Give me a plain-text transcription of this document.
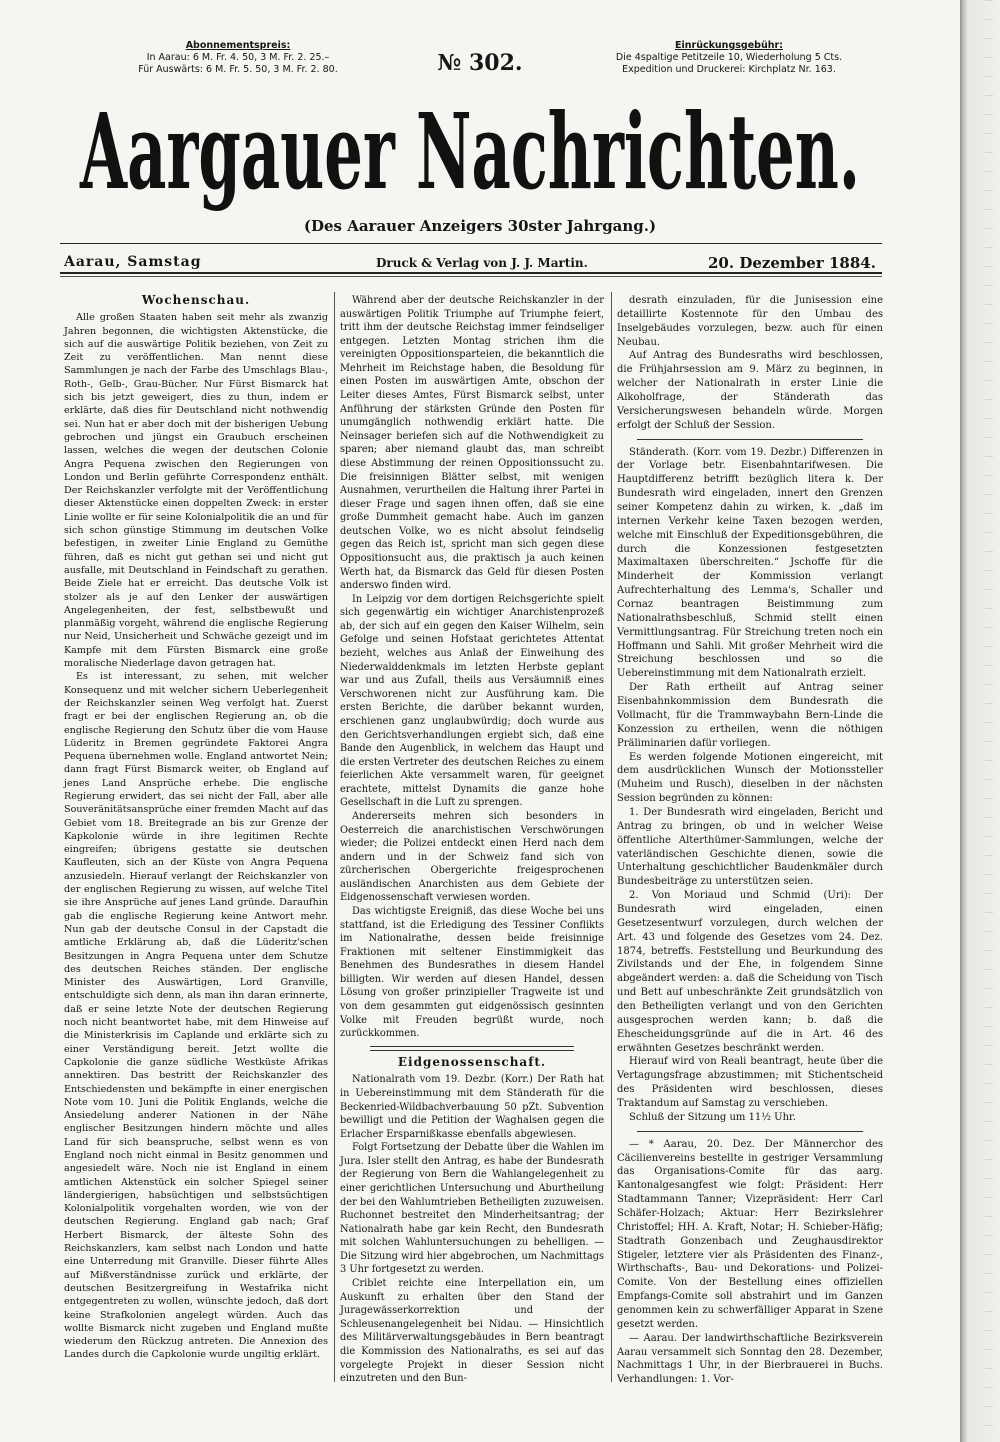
Abonnementspreis:
In Aarau: 6 M. Fr. 4. 50, 3 M. Fr. 2. 25.–
Für Auswärts: 6 M. Fr. 5. 50, 3 M. Fr. 2. 80.	№ 302.
Einrückungsgebühr:
Die 4spaltige Petitzeile 10, Wiederholung 5 Cts.
Expedition und Druckerei: Kirchplatz Nr. 163.
Aargauer Nachrichten.
(Des Aarauer Anzeigers 30ster Jahrgang.)
Aarau, Samstag	Druck & Verlag von J. J. Martin.	20. Dezember 1884.

Wochenschau.

Alle großen Staaten haben seit mehr als zwanzig Jahren begonnen, die wichtigsten Aktenstücke, die sich auf die auswärtige Politik beziehen, von Zeit zu Zeit zu veröffentlichen. Man nennt diese Sammlungen je nach der Farbe des Umschlags Blau-, Roth-, Gelb-, Grau-Bücher. Nur Fürst Bismarck hat sich bis jetzt geweigert, dies zu thun, indem er erklärte, daß dies für Deutschland nicht nothwendig sei. Nun hat er aber doch mit der bisherigen Uebung gebrochen und jüngst ein Graubuch erscheinen lassen, welches die wegen der deutschen Colonie Angra Pequena zwischen den Regierungen von London und Berlin geführte Correspondenz enthält. Der Reichskanzler verfolgte mit der Veröffentlichung dieser Aktenstücke einen doppelten Zweck: in erster Linie wollte er für seine Kolonialpolitik die an und für sich schon günstige Stimmung im deutschen Volke befestigen, in zweiter Linie England zu Gemüthe führen, daß es nicht gut gethan sei und nicht gut ausfalle, mit Deutschland in Feindschaft zu gerathen. Beide Ziele hat er erreicht. Das deutsche Volk ist stolzer als je auf den Lenker der auswärtigen Angelegenheiten, der fest, selbstbewußt und planmäßig vorgeht, während die englische Regierung nur Neid, Unsicherheit und Schwäche gezeigt und im Kampfe mit dem Fürsten Bismarck eine große moralische Niederlage davon getragen hat.

Es ist interessant, zu sehen, mit welcher Konsequenz und mit welcher sichern Ueberlegenheit der Reichskanzler seinen Weg verfolgt hat. Zuerst fragt er bei der englischen Regierung an, ob die englische Regierung den Schutz über die vom Hause Lüderitz in Bremen gegründete Faktorei Angra Pequena übernehmen wolle. England antwortet Nein; dann fragt Fürst Bismarck weiter, ob England auf jenes Land Ansprüche erhebe. Die englische Regierung erwidert, das sei nicht der Fall, aber alle Souveränitätsansprüche einer fremden Macht auf das Gebiet vom 18. Breitegrade an bis zur Grenze der Kapkolonie würde in ihre legitimen Rechte eingreifen; übrigens gestatte sie deutschen Kaufleuten, sich an der Küste von Angra Pequena anzusiedeln. Hierauf verlangt der Reichskanzler von der englischen Regierung zu wissen, auf welche Titel sie ihre Ansprüche auf jenes Land gründe. Daraufhin gab die englische Regierung keine Antwort mehr. Nun gab der deutsche Consul in der Capstadt die amtliche Erklärung ab, daß die Lüderitz'schen Besitzungen in Angra Pequena unter dem Schutze des deutschen Reiches ständen. Der englische Minister des Auswärtigen, Lord Granville, entschuldigte sich denn, als man ihn daran erinnerte, daß er seine letzte Note der deutschen Regierung noch nicht beantwortet habe, mit dem Hinweise auf die Ministerkrisis im Caplande und erklärte sich zu einer Verständigung bereit. Jetzt wollte die Capkolonie die ganze südliche Westküste Afrikas annektiren. Das bestritt der Reichskanzler des Entschiedensten und bekämpfte in einer energischen Note vom 10. Juni die Politik Englands, welche die Ansiedelung anderer Nationen in der Nähe englischer Besitzungen hindern möchte und alles Land für sich beanspruche, selbst wenn es von England noch nicht einmal in Besitz genommen und angesiedelt wäre. Noch nie ist England in einem amtlichen Aktenstück ein solcher Spiegel seiner ländergierigen, habsüchtigen und selbstsüchtigen Kolonialpolitik vorgehalten worden, wie von der deutschen Regierung. England gab nach; Graf Herbert Bismarck, der älteste Sohn des Reichskanzlers, kam selbst nach London und hatte eine Unterredung mit Granville. Dieser führte Alles auf Mißverständnisse zurück und erklärte, der deutschen Besitzergreifung in Westafrika nicht entgegentreten zu wollen, wünschte jedoch, daß dort keine Strafkolonien angelegt würden. Auch das wollte Bismarck nicht zugeben und England mußte wiederum den Rückzug antreten. Die Annexion des Landes durch die Capkolonie wurde ungiltig erklärt.

Während aber der deutsche Reichskanzler in der auswärtigen Politik Triumphe auf Triumphe feiert, tritt ihm der deutsche Reichstag immer feindseliger entgegen. Letzten Montag strichen ihm die vereinigten Oppositionsparteien, die bekanntlich die Mehrheit im Reichstage haben, die Besoldung für einen Posten im auswärtigen Amte, obschon der Leiter dieses Amtes, Fürst Bismarck selbst, unter Anführung der stärksten Gründe den Posten für unumgänglich nothwendig erklärt hatte. Die Neinsager beriefen sich auf die Nothwendigkeit zu sparen; aber niemand glaubt das, man schreibt diese Abstimmung der reinen Oppositionssucht zu. Die freisinnigen Blätter selbst, mit wenigen Ausnahmen, verurtheilen die Haltung ihrer Partei in dieser Frage und sagen ihnen offen, daß sie eine große Dummheit gemacht habe. Auch im ganzen deutschen Volke, wo es nicht absolut feindselig gegen das Reich ist, spricht man sich gegen diese Oppositionsucht aus, die praktisch ja auch keinen Werth hat, da Bismarck das Geld für diesen Posten anderswo finden wird.

In Leipzig vor dem dortigen Reichsgerichte spielt sich gegenwärtig ein wichtiger Anarchistenprozeß ab, der sich auf ein gegen den Kaiser Wilhelm, sein Gefolge und seinen Hofstaat gerichtetes Attentat bezieht, welches aus Anlaß der Einweihung des Niederwalddenkmals im letzten Herbste geplant war und aus Zufall, theils aus Versäumniß eines Verschworenen nicht zur Ausführung kam. Die ersten Berichte, die darüber bekannt wurden, erschienen ganz unglaubwürdig; doch wurde aus den Gerichtsverhandlungen ergiebt sich, daß eine Bande den Augenblick, in welchem das Haupt und die ersten Vertreter des deutschen Reiches zu einem feierlichen Akte versammelt waren, für geeignet erachtete, mittelst Dynamits die ganze hohe Gesellschaft in die Luft zu sprengen.

Andererseits mehren sich besonders in Oesterreich die anarchistischen Verschwörungen wieder; die Polizei entdeckt einen Herd nach dem andern und in der Schweiz fand sich von zürcherischen Obergerichte freigesprochenen ausländischen Anarchisten aus dem Gebiete der Eidgenossenschaft verwiesen worden.

Das wichtigste Ereigniß, das diese Woche bei uns stattfand, ist die Erledigung des Tessiner Conflikts im Nationalrathe, dessen beide freisinnige Fraktionen mit seltener Einstimmigkeit das Benehmen des Bundesrathes in diesem Handel billigten. Wir werden auf diesen Handel, dessen Lösung von großer prinzipieller Tragweite ist und von dem gesammten gut eidgenössisch gesinnten Volke mit Freuden begrüßt wurde, noch zurückkommen.

Eidgenossenschaft.

Nationalrath vom 19. Dezbr. (Korr.) Der Rath hat in Uebereinstimmung mit dem Ständerath für die Beckenried-Wildbachverbauung 50 pZt. Subvention bewilligt und die Petition der Waghalsen gegen die Erlacher Ersparnißkasse ebenfalls abgewiesen.

Folgt Fortsetzung der Debatte über die Wahlen im Jura. Isler stellt den Antrag, es habe der Bundesrath der Regierung von Bern die Wahlangelegenheit zu einer gerichtlichen Untersuchung und Aburtheilung der bei den Wahlumtrieben Betheiligten zuzuweisen. Ruchonnet bestreitet den Minderheitsantrag; der Nationalrath habe gar kein Recht, den Bundesrath mit solchen Wahluntersuchungen zu behelligen. — Die Sitzung wird hier abgebrochen, um Nachmittags 3 Uhr fortgesetzt zu werden.

Criblet reichte eine Interpellation ein, um Auskunft zu erhalten über den Stand der Juragewässerkorrektion und der Schleusenangelegenheit bei Nidau. — Hinsichtlich des Militärverwaltungsgebäudes in Bern beantragt die Kommission des Nationalraths, es sei auf das vorgelegte Projekt in dieser Session nicht einzutreten und den Bun-

desrath einzuladen, für die Junisession eine detaillirte Kostennote für den Umbau des Inselgebäudes vorzulegen, bezw. auch für einen Neubau.

Auf Antrag des Bundesraths wird beschlossen, die Frühjahrsession am 9. März zu beginnen, in welcher der Nationalrath in erster Linie die Alkoholfrage, der Ständerath das Versicherungswesen behandeln würde. Morgen erfolgt der Schluß der Session.

Ständerath. (Korr. vom 19. Dezbr.) Differenzen in der Vorlage betr. Eisenbahntarifwesen. Die Hauptdifferenz betrifft bezüglich litera k. Der Bundesrath wird eingeladen, innert den Grenzen seiner Kompetenz dahin zu wirken, k. „daß im internen Verkehr keine Taxen bezogen werden, welche mit Einschluß der Expeditionsgebühren, die durch die Konzessionen festgesetzten Maximaltaxen überschreiten.“ Jschoffe für die Minderheit der Kommission verlangt Aufrechterhaltung des Lemma's, Schaller und Cornaz beantragen Beistimmung zum Nationalrathsbeschluß, Schmid stellt einen Vermittlungsantrag. Für Streichung treten noch ein Hoffmann und Sahli. Mit großer Mehrheit wird die Streichung beschlossen und so die Uebereinstimmung mit dem Nationalrath erzielt.

Der Rath ertheilt auf Antrag seiner Eisenbahnkommission dem Bundesrath die Vollmacht, für die Trammwaybahn Bern-Linde die Konzession zu ertheilen, wenn die nöthigen Präliminarien dafür vorliegen.

Es werden folgende Motionen eingereicht, mit dem ausdrücklichen Wunsch der Motionssteller (Muheim und Rusch), dieselben in der nächsten Session begründen zu können:

1. Der Bundesrath wird eingeladen, Bericht und Antrag zu bringen, ob und in welcher Weise öffentliche Alterthümer-Sammlungen, welche der vaterländischen Geschichte dienen, sowie die Unterhaltung geschichtlicher Baudenkmäler durch Bundesbeiträge zu unterstützen seien.

2. Von Moriaud und Schmid (Uri): Der Bundesrath wird eingeladen, einen Gesetzesentwurf vorzulegen, durch welchen der Art. 43 und folgende des Gesetzes vom 24. Dez. 1874, betreffs. Feststellung und Beurkundung des Zivilstands und der Ehe, in folgendem Sinne abgeändert werden: a. daß die Scheidung von Tisch und Bett auf unbeschränkte Zeit grundsätzlich von den Betheiligten verlangt und von den Gerichten ausgesprochen werden kann; b. daß die Ehescheidungsgründe auf die in Art. 46 des erwähnten Gesetzes beschränkt werden.

Hierauf wird von Reali beantragt, heute über die Vertagungsfrage abzustimmen; mit Stichentscheid des Präsidenten wird beschlossen, dieses Traktandum auf Samstag zu verschieben.

Schluß der Sitzung um 11½ Uhr.

— * Aarau, 20. Dez. Der Männerchor des Cäcilienvereins bestellte in gestriger Versammlung das Organisations-Comite für das aarg. Kantonalgesangfest wie folgt: Präsident: Herr Stadtammann Tanner; Vizepräsident: Herr Carl Schäfer-Holzach; Aktuar: Herr Bezirkslehrer Christoffel; HH. A. Kraft, Notar; H. Schieber-Häfig; Stadtrath Gonzenbach und Zeughausdirektor Stigeler, letztere vier als Präsidenten des Finanz-, Wirthschafts-, Bau- und Dekorations- und Polizei-Comite. Von der Bestellung eines offiziellen Empfangs-Comite soll abstrahirt und im Ganzen genommen kein zu schwerfälliger Apparat in Szene gesetzt werden.

— Aarau. Der landwirthschaftliche Bezirksverein Aarau versammelt sich Sonntag den 28. Dezember, Nachmittags 1 Uhr, in der Bierbrauerei in Buchs. Verhandlungen: 1. Vor-
